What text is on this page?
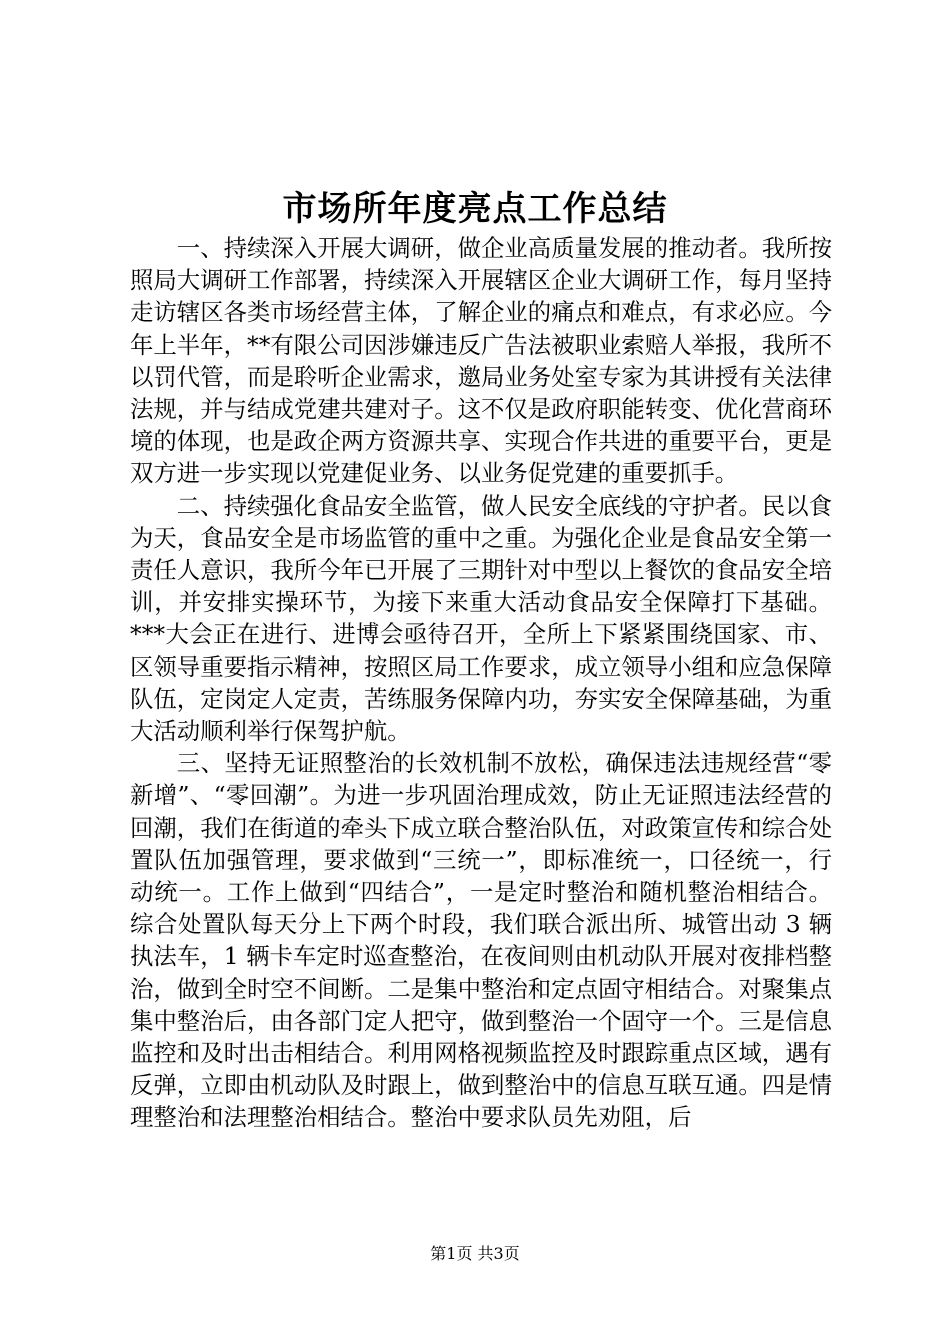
市场所年度亮点工作总结

一、持续深入开展大调研，做企业高质量发展的推动者。我所按照局大调研工作部署，持续深入开展辖区企业大调研工作，每月坚持走访辖区各类市场经营主体，了解企业的痛点和难点，有求必应。今年上半年，**有限公司因涉嫌违反广告法被职业索赔人举报，我所不以罚代管，而是聆听企业需求，邀局业务处室专家为其讲授有关法律法规，并与结成党建共建对子。这不仅是政府职能转变、优化营商环境的体现，也是政企两方资源共享、实现合作共进的重要平台，更是双方进一步实现以党建促业务、以业务促党建的重要抓手。

二、持续强化食品安全监管，做人民安全底线的守护者。民以食为天，食品安全是市场监管的重中之重。为强化企业是食品安全第一责任人意识，我所今年已开展了三期针对中型以上餐饮的食品安全培训，并安排实操环节，为接下来重大活动食品安全保障打下基础。***大会正在进行、进博会亟待召开，全所上下紧紧围绕国家、市、区领导重要指示精神，按照区局工作要求，成立领导小组和应急保障队伍，定岗定人定责，苦练服务保障内功，夯实安全保障基础，为重大活动顺利举行保驾护航。

三、坚持无证照整治的长效机制不放松，确保违法违规经营“零新增”、“零回潮”。为进一步巩固治理成效，防止无证照违法经营的回潮，我们在街道的牵头下成立联合整治队伍，对政策宣传和综合处置队伍加强管理，要求做到“三统一”，即标准统一，口径统一，行动统一。工作上做到“四结合”，一是定时整治和随机整治相结合。综合处置队每天分上下两个时段，我们联合派出所、城管出动 3 辆执法车，1 辆卡车定时巡查整治，在夜间则由机动队开展对夜排档整治，做到全时空不间断。二是集中整治和定点固守相结合。对聚集点集中整治后，由各部门定人把守，做到整治一个固守一个。三是信息监控和及时出击相结合。利用网格视频监控及时跟踪重点区域，遇有反弹，立即由机动队及时跟上，做到整治中的信息互联互通。四是情理整治和法理整治相结合。整治中要求队员先劝阻，后

第1页 共3页
